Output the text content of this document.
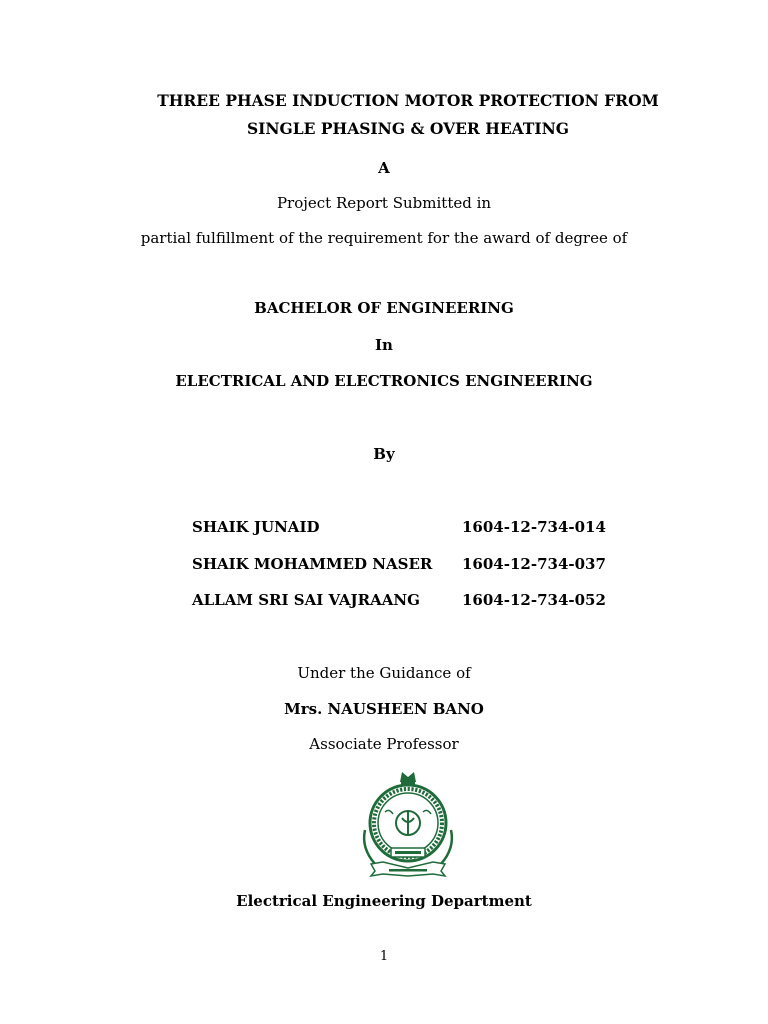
THREE PHASE INDUCTION MOTOR PROTECTION FROM
SINGLE PHASING & OVER HEATING
A
Project Report Submitted in
partial fulfillment of the requirement for the award of degree of
BACHELOR OF ENGINEERING
In
ELECTRICAL AND ELECTRONICS ENGINEERING
By
SHAIK JUNAID	1604-12-734-014
SHAIK MOHAMMED NASER 1604-12-734-037
ALLAM SRI SAI VAJRAANG	1604-12-734-052
Under the Guidance of
Mrs. NAUSHEEN BANO
Associate Professor
Electrical Engineering Department
1
